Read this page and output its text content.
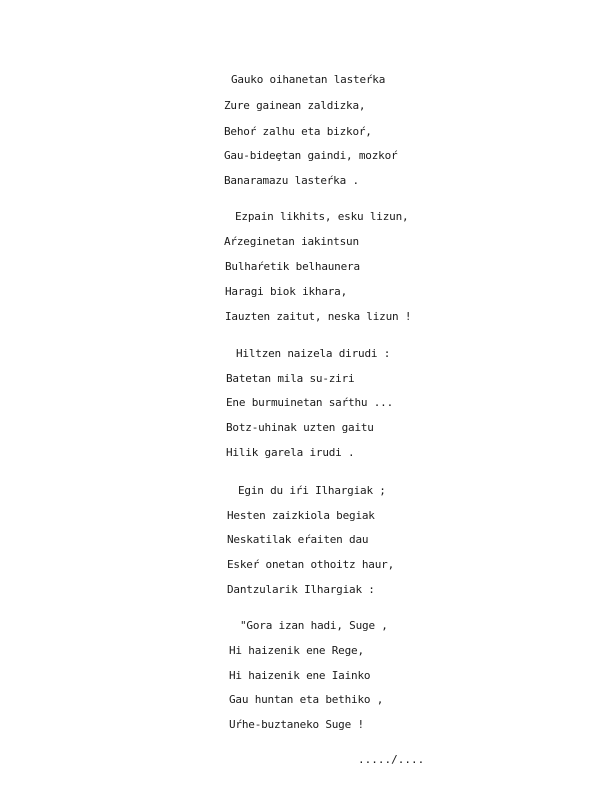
Gauko oihanetan lasteŕka
Zure gainean zaldizka,
Behoŕ zalhu eta bizkoŕ,
Gau-bideȩtan gaindi, mozkoŕ
Banaramazu lasteŕka .
Ezpain likhits, esku lizun,
Aŕzeginetan iakintsun
Bulhaŕetik belhaunera
Haragi biok ikhara,
Iauzten zaitut, neska lizun !
Hiltzen naizela dirudi :
Batetan mila su-ziri
Ene burmuinetan saŕthu ...
Botz-uhinak uzten gaitu
Hilik garela irudi .
Egin du iŕi Ilhargiak ;
Hesten zaizkiola begiak
Neskatilak eŕaiten dau
Eskeŕ onetan othoitz haur,
Dantzularik Ilhargiak :
"Gora izan hadi, Suge ,
Hi haizenik ene Rege,
Hi haizenik ene Iainko
Gau huntan eta bethiko ,
Uŕhe-buztaneko Suge !
...../....
